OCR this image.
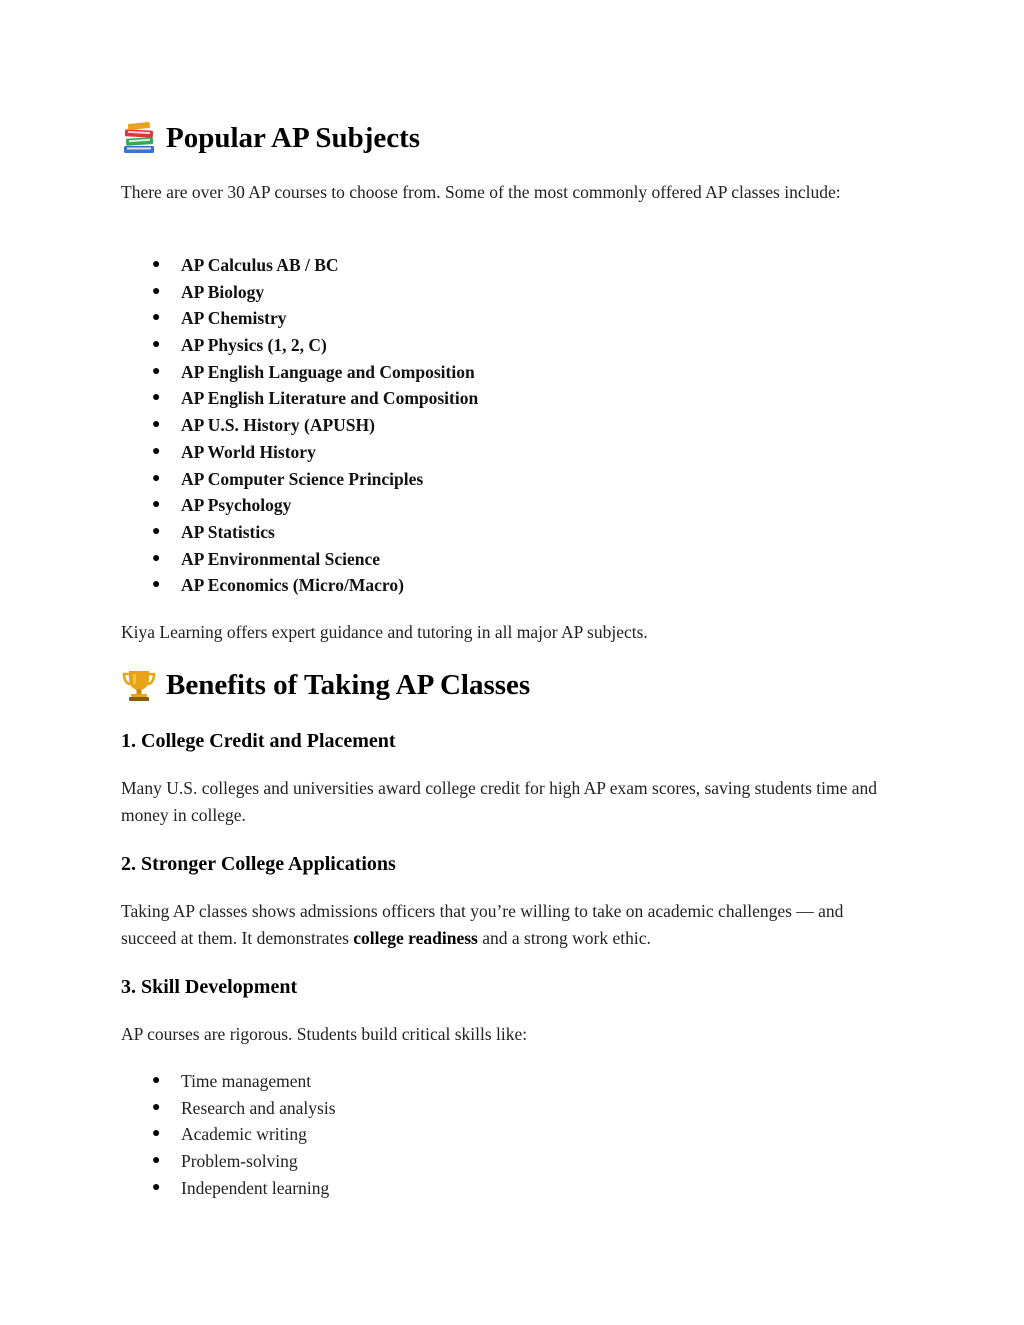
Popular AP Subjects
There are over 30 AP courses to choose from. Some of the most commonly offered AP classes include:
● AP Calculus AB / BC
● AP Biology
● AP Chemistry
● AP Physics (1, 2, C)
● AP English Language and Composition
● AP English Literature and Composition
● AP U.S. History (APUSH)
● AP World History
● AP Computer Science Principles
● AP Psychology
● AP Statistics
● AP Environmental Science
● AP Economics (Micro/Macro)
Kiya Learning offers expert guidance and tutoring in all major AP subjects.
Benefits of Taking AP Classes
1. College Credit and Placement
Many U.S. colleges and universities award college credit for high AP exam scores, saving students time and money in college.
2. Stronger College Applications
Taking AP classes shows admissions officers that you’re willing to take on academic challenges — and succeed at them. It demonstrates college readiness and a strong work ethic.
3. Skill Development
AP courses are rigorous. Students build critical skills like:
● Time management
● Research and analysis
● Academic writing
● Problem-solving
● Independent learning
